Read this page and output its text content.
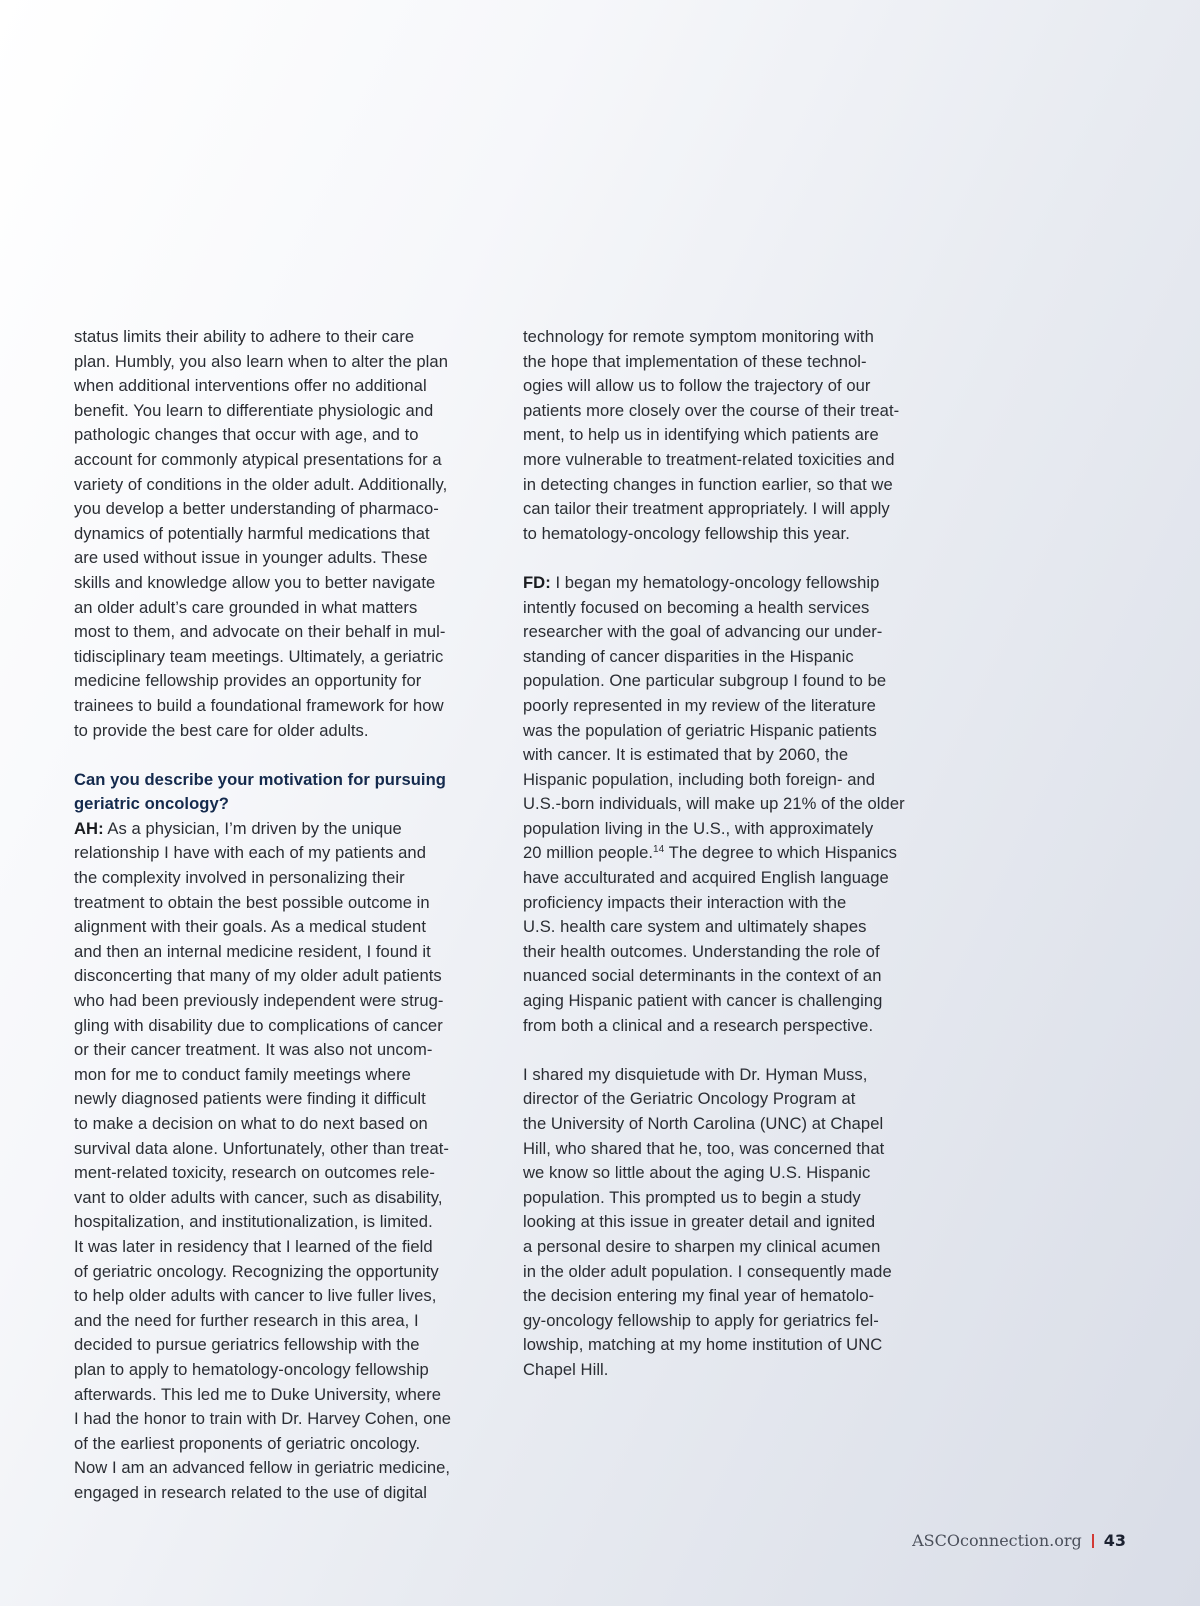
status limits their ability to adhere to their care
plan. Humbly, you also learn when to alter the plan
when additional interventions offer no additional
benefit. You learn to differentiate physiologic and
pathologic changes that occur with age, and to
account for commonly atypical presentations for a
variety of conditions in the older adult. Additionally,
you develop a better understanding of pharmaco-
dynamics of potentially harmful medications that
are used without issue in younger adults. These
skills and knowledge allow you to better navigate
an older adult’s care grounded in what matters
most to them, and advocate on their behalf in mul-
tidisciplinary team meetings. Ultimately, a geriatric
medicine fellowship provides an opportunity for
trainees to build a foundational framework for how
to provide the best care for older adults.
Can you describe your motivation for pursuing
geriatric oncology?
AH: As a physician, I’m driven by the unique
relationship I have with each of my patients and
the complexity involved in personalizing their
treatment to obtain the best possible outcome in
alignment with their goals. As a medical student
and then an internal medicine resident, I found it
disconcerting that many of my older adult patients
who had been previously independent were strug-
gling with disability due to complications of cancer
or their cancer treatment. It was also not uncom-
mon for me to conduct family meetings where
newly diagnosed patients were finding it difficult
to make a decision on what to do next based on
survival data alone. Unfortunately, other than treat-
ment-related toxicity, research on outcomes rele-
vant to older adults with cancer, such as disability,
hospitalization, and institutionalization, is limited.
It was later in residency that I learned of the field
of geriatric oncology. Recognizing the opportunity
to help older adults with cancer to live fuller lives,
and the need for further research in this area, I
decided to pursue geriatrics fellowship with the
plan to apply to hematology-oncology fellowship
afterwards. This led me to Duke University, where
I had the honor to train with Dr. Harvey Cohen, one
of the earliest proponents of geriatric oncology.
Now I am an advanced fellow in geriatric medicine,
engaged in research related to the use of digital
technology for remote symptom monitoring with
the hope that implementation of these technol-
ogies will allow us to follow the trajectory of our
patients more closely over the course of their treat-
ment, to help us in identifying which patients are
more vulnerable to treatment-related toxicities and
in detecting changes in function earlier, so that we
can tailor their treatment appropriately. I will apply
to hematology-oncology fellowship this year.
FD: I began my hematology-oncology fellowship
intently focused on becoming a health services
researcher with the goal of advancing our under-
standing of cancer disparities in the Hispanic
population. One particular subgroup I found to be
poorly represented in my review of the literature
was the population of geriatric Hispanic patients
with cancer. It is estimated that by 2060, the
Hispanic population, including both foreign- and
U.S.-born individuals, will make up 21% of the older
population living in the U.S., with approximately
20 million people.$^{14}$ The degree to which Hispanics
have acculturated and acquired English language
proficiency impacts their interaction with the
U.S. health care system and ultimately shapes
their health outcomes. Understanding the role of
nuanced social determinants in the context of an
aging Hispanic patient with cancer is challenging
from both a clinical and a research perspective.
I shared my disquietude with Dr. Hyman Muss,
director of the Geriatric Oncology Program at
the University of North Carolina (UNC) at Chapel
Hill, who shared that he, too, was concerned that
we know so little about the aging U.S. Hispanic
population. This prompted us to begin a study
looking at this issue in greater detail and ignited
a personal desire to sharpen my clinical acumen
in the older adult population. I consequently made
the decision entering my final year of hematolo-
gy-oncology fellowship to apply for geriatrics fel-
lowship, matching at my home institution of UNC
Chapel Hill.
ASCOconnection.org 43
